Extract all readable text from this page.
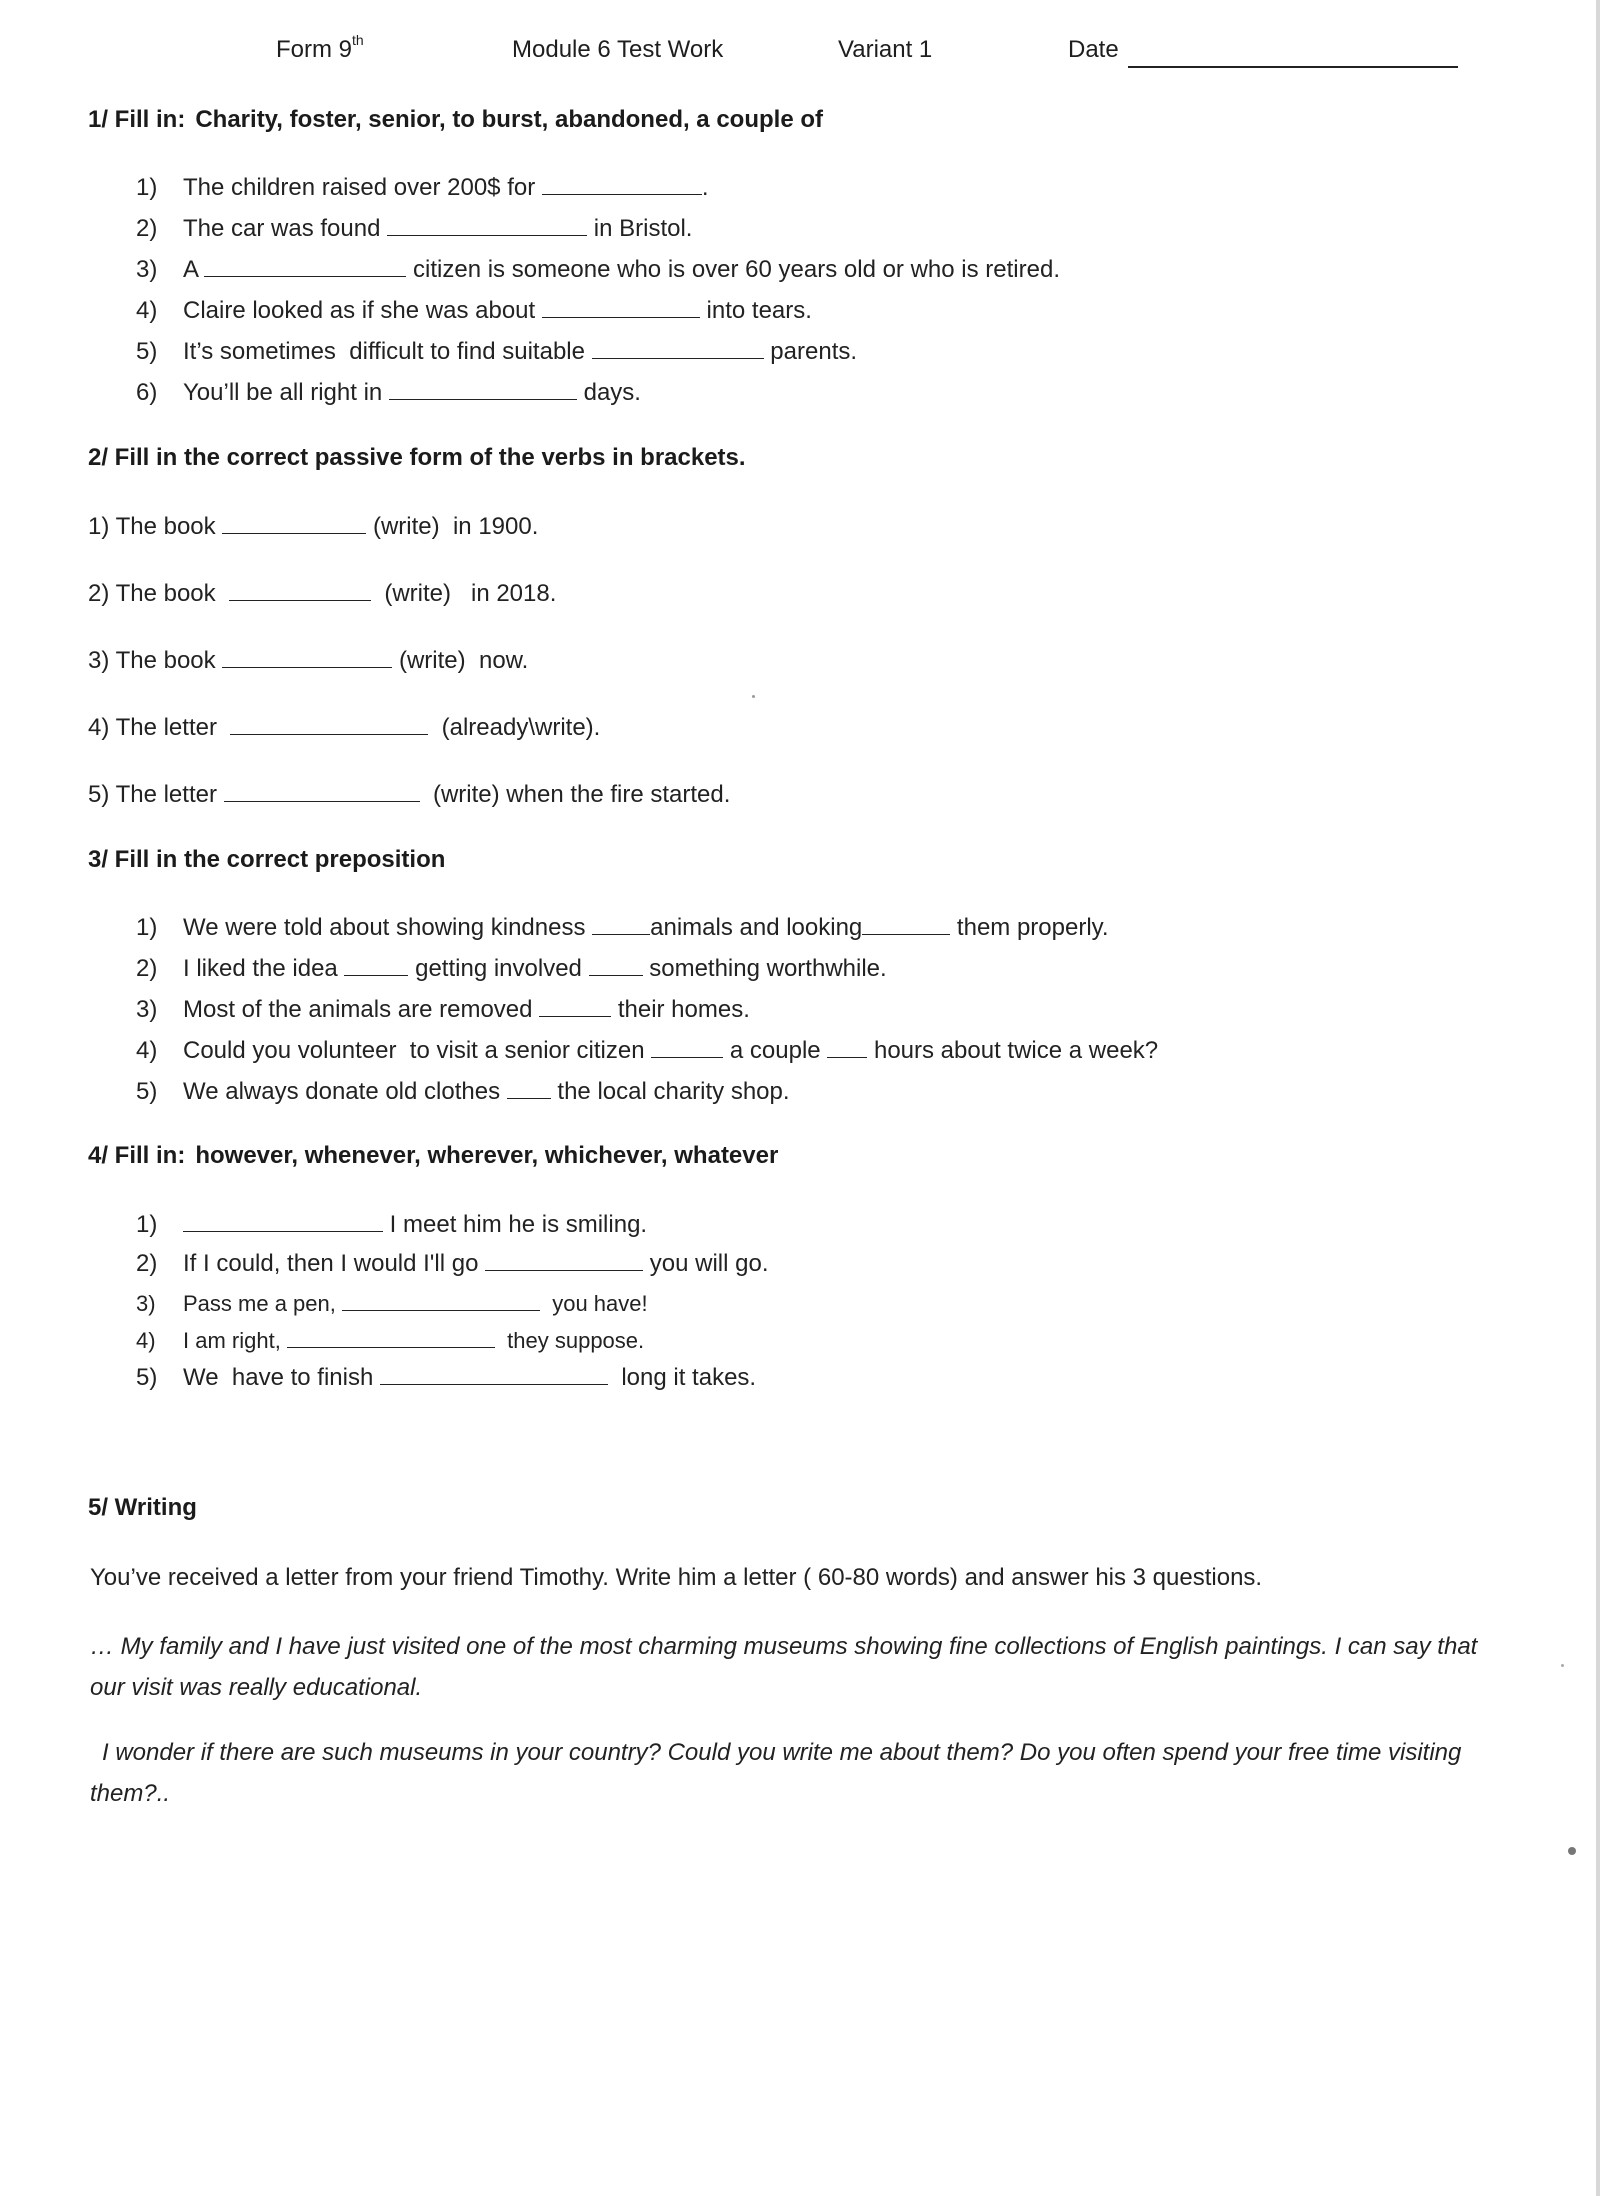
Form 9th	Module 6 Test Work	Variant 1	Date
1/ Fill in: Charity, foster, senior, to burst, abandoned, a couple of
1) The children raised over 200$ for	.
2) The car was found	in Bristol.
3) A	citizen is someone who is over 60 years old or who is retired.
4) Claire looked as if she was about	into tears.
5) It’s sometimes  difficult to find suitable	parents.
6) You’ll be all right in	days.
2/ Fill in the correct passive form of the verbs in brackets.
1) The book	(write)  in 1900.
2) The book	(write)   in 2018.
3) The book	(write)  now.
4) The letter	(already\write).
5) The letter	(write) when the fire started.
3/ Fill in the correct preposition
1) We were told about showing kindness animals and looking	them properly.
2) I liked the idea	getting involved  something worthwhile.
3) Most of the animals are removed	their homes.
4) Could you volunteer  to visit a senior citizen	a couple  hours about twice a week?
5) We always donate old clothes  the local charity shop.
4/ Fill in: however, whenever, wherever, whichever, whatever
1)	I meet him he is smiling.
2) If I could, then I would I'll go	you will go.
3) Pass me a pen,	you have!
4) I am right,	they suppose.
5) We  have to finish	long it takes.
5/ Writing
You’ve received a letter from your friend Timothy. Write him a letter ( 60-80 words) and answer his 3 questions.
… My family and I have just visited one of the most charming museums showing fine collections of English paintings. I can say that our visit was really educational.
I wonder if there are such museums in your country? Could you write me about them? Do you often spend your free time visiting them?..
